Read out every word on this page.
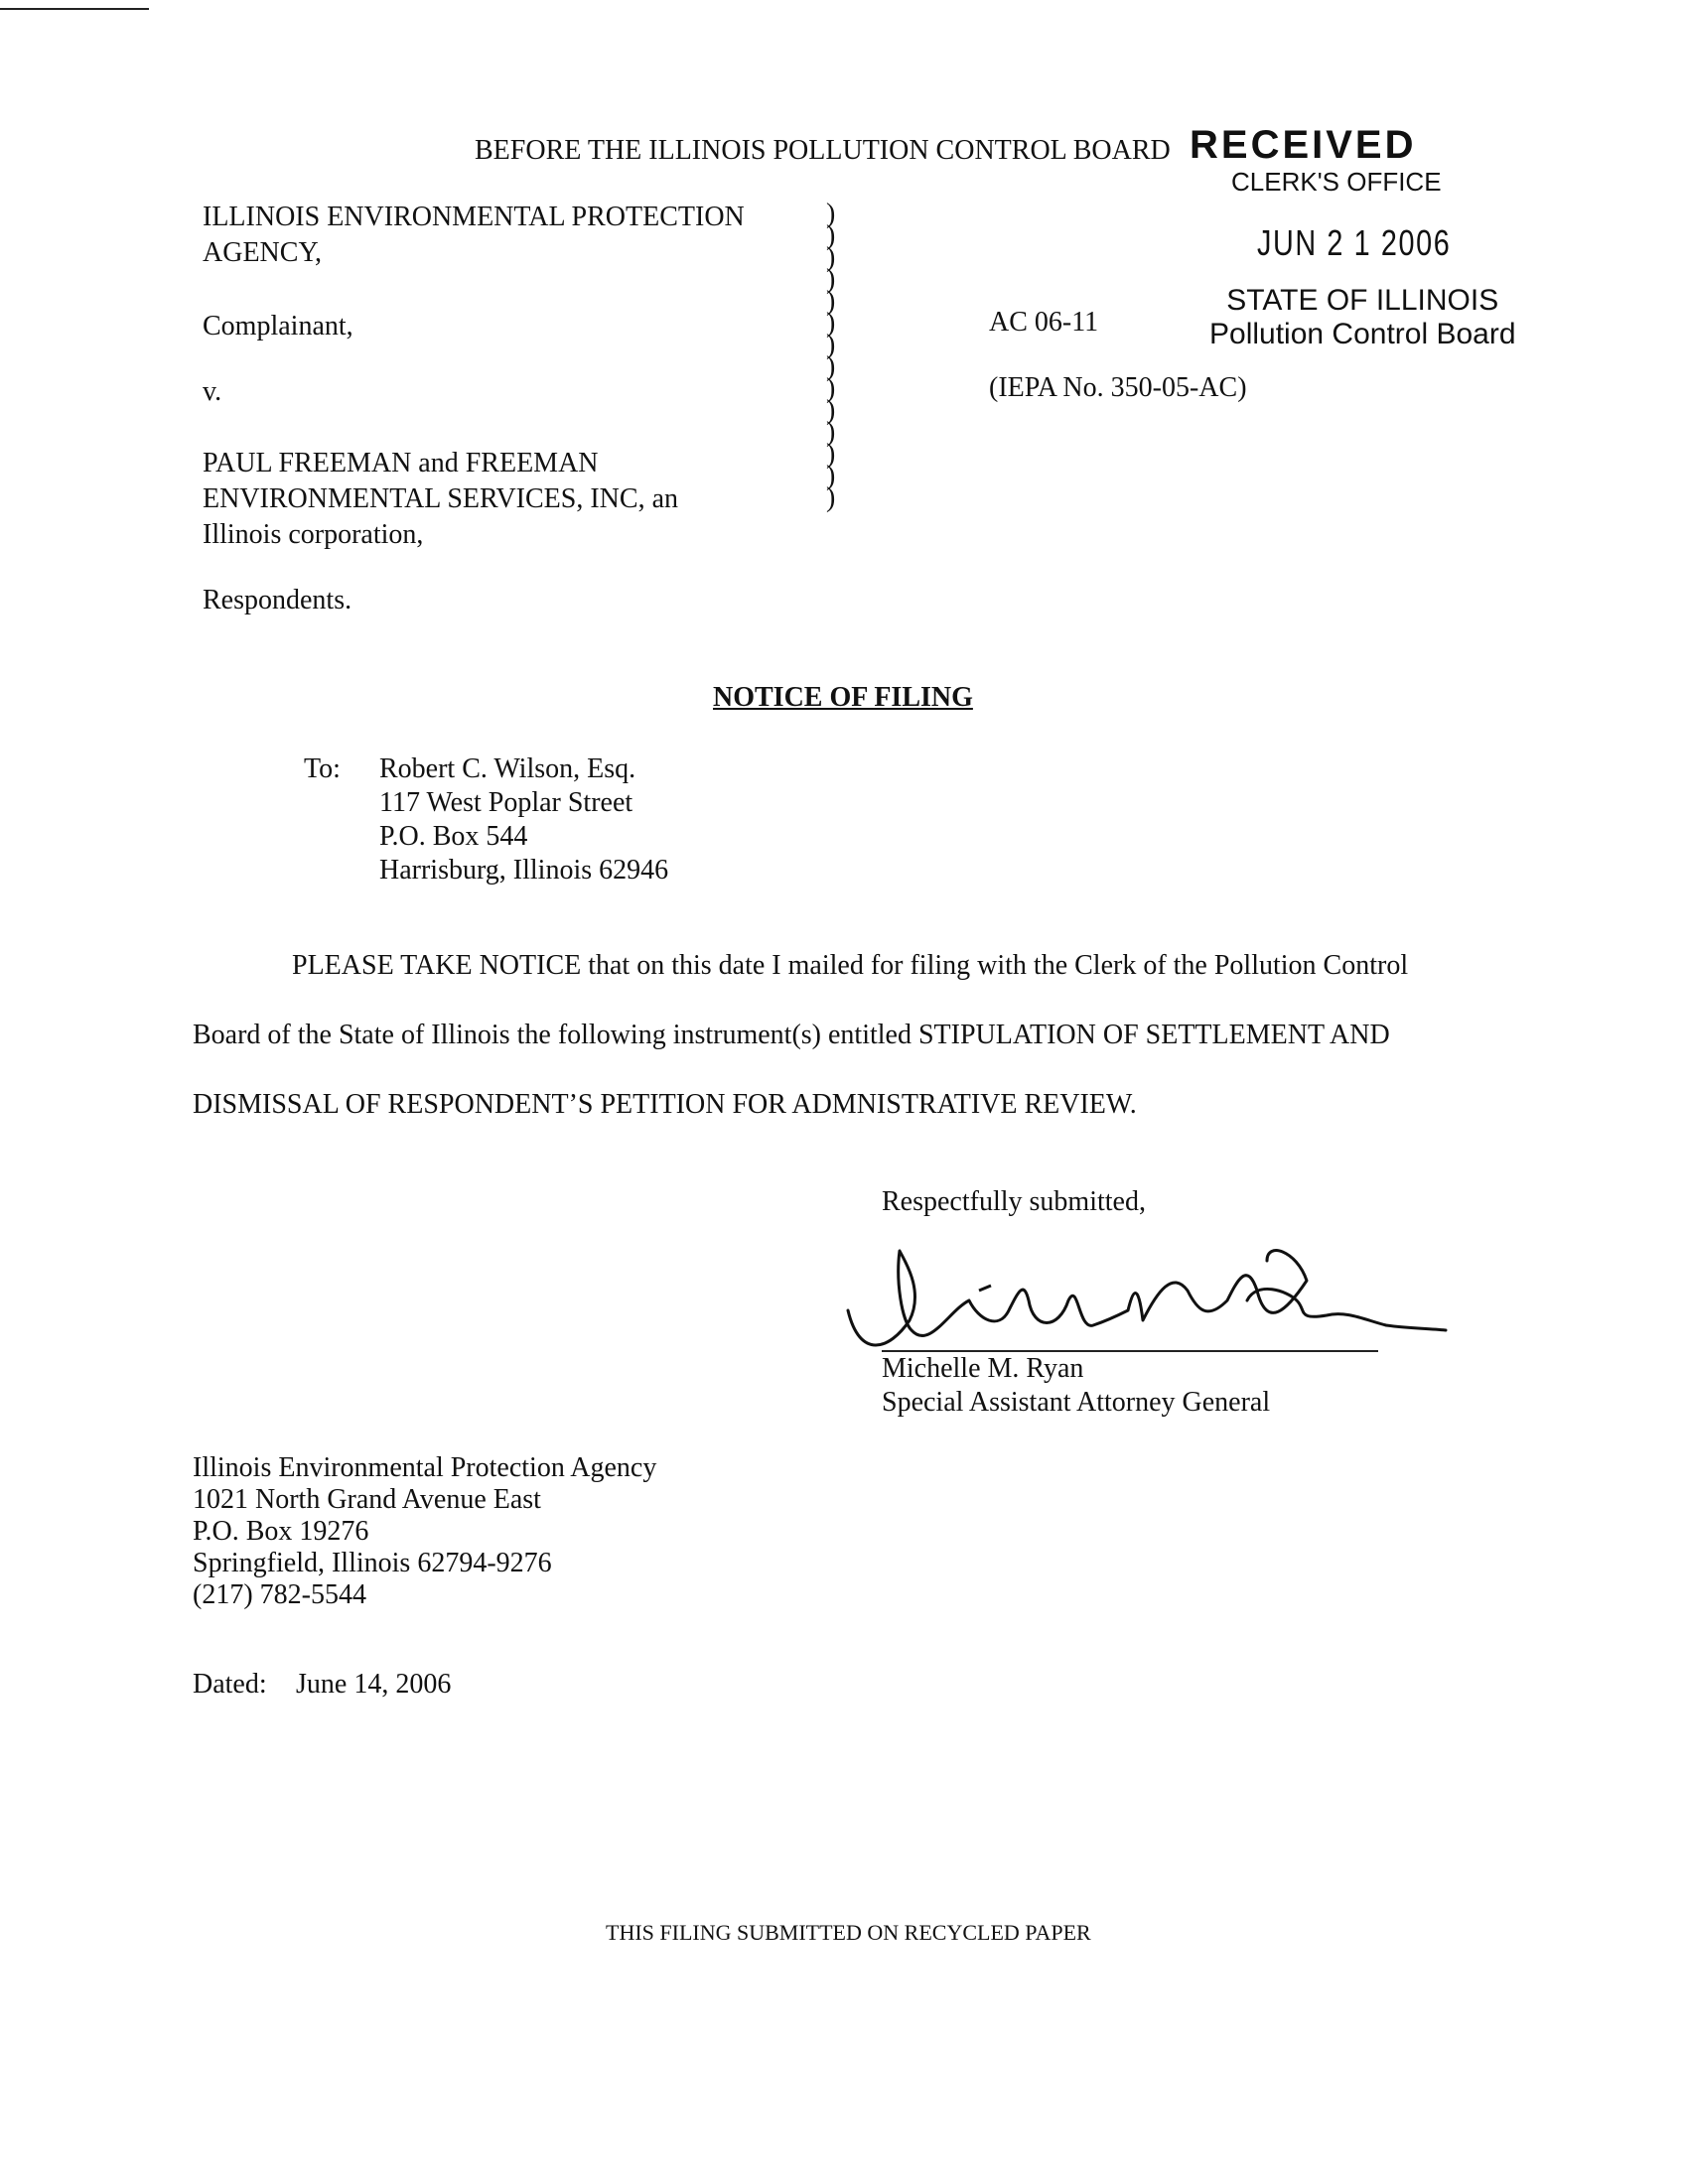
BEFORE THE ILLINOIS POLLUTION CONTROL BOARD RECEIVED
CLERK'S OFFICE
JUN 2 1 2006
STATE OF ILLINOIS
Pollution Control Board
ILLINOIS ENVIRONMENTAL PROTECTION
AGENCY,
Complainant,
v.
PAUL FREEMAN and FREEMAN
ENVIRONMENTAL SERVICES, INC, an
Illinois corporation,
Respondents.
)
)
)
)
)
)
)
)
)
)
)
)
)
)
AC 06-11
(IEPA No. 350-05-AC)
NOTICE OF FILING
To: Robert C. Wilson, Esq.
117 West Poplar Street
P.O. Box 544
Harrisburg, Illinois 62946
PLEASE TAKE NOTICE that on this date I mailed for filing with the Clerk of the Pollution Control
Board of the State of Illinois the following instrument(s) entitled STIPULATION OF SETTLEMENT AND
DISMISSAL OF RESPONDENT’S PETITION FOR ADMNISTRATIVE REVIEW.
Respectfully submitted,
Michelle M. Ryan
Special Assistant Attorney General
Illinois Environmental Protection Agency
1021 North Grand Avenue East
P.O. Box 19276
Springfield, Illinois 62794-9276
(217) 782-5544
Dated: June 14, 2006
THIS FILING SUBMITTED ON RECYCLED PAPER
